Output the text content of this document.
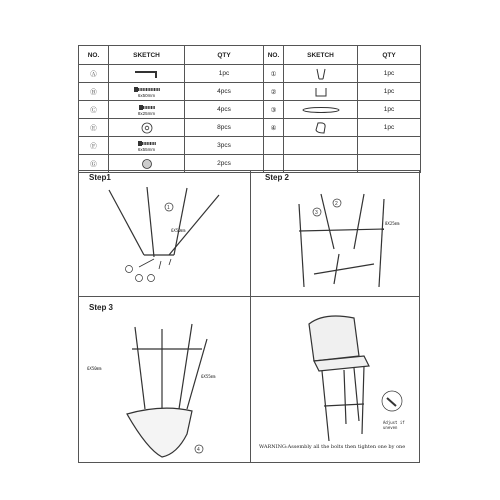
NO.	SKETCH	QTY	NO.	SKETCH	QTY
Ⓐ		1pc	①		1pc
Ⓑ	6x50mm	4pcs	②		1pc
Ⓒ	8x25mm	4pcs	③		1pc
Ⓔ		8pcs	④		1pc
Ⓕ	6x55mm	3pcs			
Ⓖ		2pcs			
Step1
1
6X50mm
Step 2
3
2
8X25mm
Step 3
4
6X50mm
6X55mm
Adjust if uneven
WARNING:Assembly all the bolts then tighten one by one
